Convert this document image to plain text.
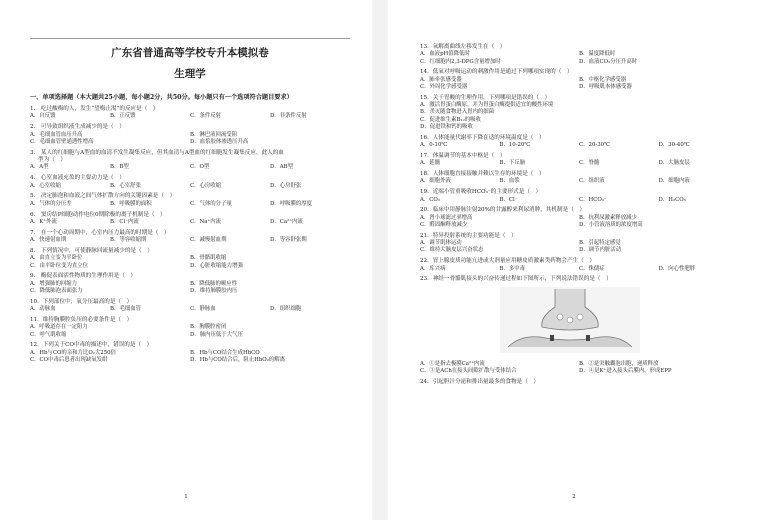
广东省普通高等学校专升本模拟卷
生理学
一、单项选择题（本大题共25小题，每小题2分，共50分。每小题只有一个选项符合题目要求）

1． 吃过酸梅的人，发生“望梅止渴”的反应是（　）

A．自反馈	B．正反馈	C．条件反射	D．非条件反射

2． 可导致组织液生成减少的是（　）

A．毛细血管血压升高	B．淋巴液回流受阻
C．毛细血管壁通透性增高	D．血浆胶体渗透压升高

3． 某人的红细胞与A型血的血清不发生凝集反应，但其血清与A型血的红细胞发生凝集反应，此人的血

型为（　）

A．A型	B．B型	C．O型	D．AB型

4． 心室血液充盈的主要动力是（　）

A．心室收缩	B．心室舒张	C．心房收缩	D．心房舒张

5． 决定肺泡和血液之间气体扩散方向的关键因素是（　）

A．气体的分压差	B．呼吸膜的面积	C．气体的分子量	D．呼吸膜的厚度

6． 窦房结P细胞动作电位0期除极的离子机制是（　）

A．K⁺外流	B．Cl⁻内流	C．Na⁺内流	D．Ca²⁺内流

7． 在一个心动周期中，心室内压力最高的时期是（　）

A．快速射血期	B．等容收缩期	C．减慢射血期	D．等容舒张期

8． 下列情况中，可使静脉回流量减少的是（　）

A．由直立变为平卧位	B．骨骼肌收缩
C．由平卧位变为直立位	D．心脏收缩能力增强

9． 酶促表面活性物质的生理作用是（　）

A．增强肺的回缩力	B．降低肺的顺应性
C．降低肺泡表面张力	D．维持肺膜胶内压

10．下列部位中，氧分压最高的是（　）

A．动脉血	B．毛细血管	C．静脉血	D．组织细胞

11．维持胸膜腔负压的必要条件是（　）

A．呼吸道存在一定阻力	B．胸膜腔密闭
C．呼气肌收缩	D．肺内压低于大气压

12．下列关于CO中毒的描述中，错误的是（　）

A．Hb与CO的亲和力比O₂大250倍	B．Hb与CO结合生成HbCO
C．CO中毒后患者出现缺氧发绀	D．Hb与CO结合后，阻止HbO₂的解离
1

13．氧解离曲线左移发生在（　）

A．血液pH值降低时	B．温度降低时
C．红细胞内2,3-DPG含量增加时	D．血液CO₂分压升高时

14．低氧对呼吸运动的刺激作用是通过下列哪项实现的（　）

A．肺牵张感受器	B．中枢化学感受器
C．外周化学感受器	D．呼吸肌本体感受器

15．关于胃酸的生理作用，下列哪项是错误的（　）

A．激活胃蛋白酶原，并为胃蛋白酶提供适宜的酸性环境
B．杀灭随食物进入胃内的细菌
C．促进维生素B₁₂的吸收
D．促进铁和钙的吸收

16．人体能量代谢率下降在适的环境温度是（　）

A．0-10℃	B．10-20℃	C．20-30℃	D．30-40℃

17．体温调节的基本中枢是（　）

A．延髓	B．下丘脑	C．脊髓	D．大脑皮层

18．人体细胞直接接触并赖以生存的环境是（　）

A．细胞外液	B．血浆	C．组织液	D．细胞内液

19．近端小管重吸收HCO₃⁻的主要形式是（　）

A．CO₂	B．Cl⁻	C．HCO₃⁻	D．H₂CO₃

20．临床中用静脉注射20%的甘露醇来利尿消肿，其机制是（　）

A．肾小球滤过率增高	B．抗利尿激素释放减少
C．醛固酮释放减少	D．小管液溶质的浓度增高

21．特异投射系统的主要功能是（　）

A．调节肌体运动	B．引起特定感觉
C．维持大脑皮层兴奋状态	D．调节内脏活动

22．胃上腺皮质功能亢进或大剂量应用糖皮质激素类药物会产生（　）

A．库兴病	B．多中毒	C．侏儒症	D．向心性肥胖

23．神经一骨骼肌接头的兴奋传递过程如下图所示，下列说法错误的是（　）

A．①是指去极膜Ca²⁺内流	B．②是突触囊泡出胞，递质释放
C．③是ACh在接头间隙扩散与受体结合	D．④是K⁺进入接头后膜内，形成EPP

24．引起胆汁分泌和排出量最多的食物是（　）

2
